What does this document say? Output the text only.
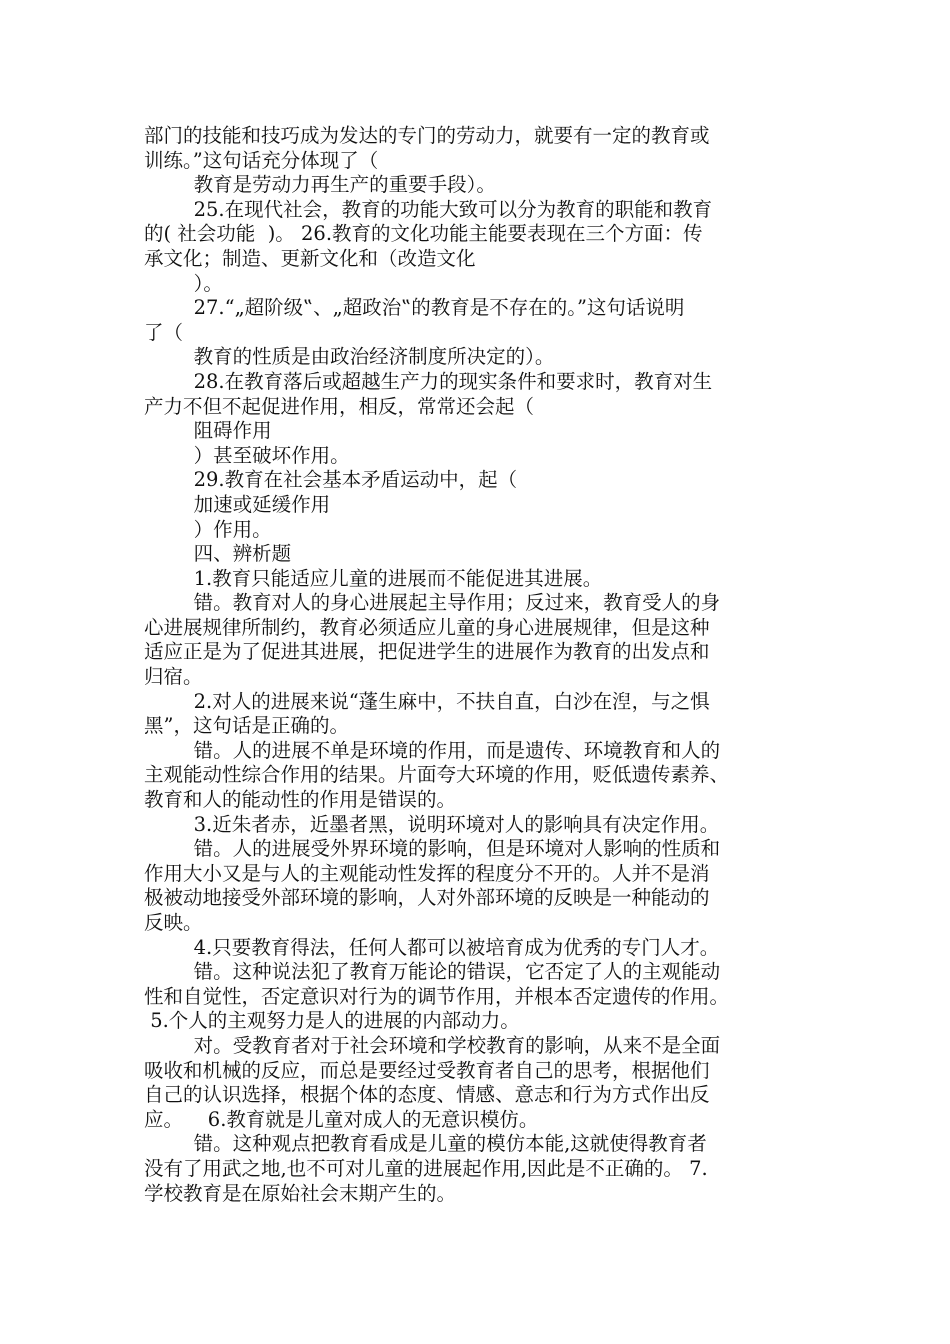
部门的技能和技巧成为发达的专门的劳动力，就要有一定的教育或
训练。”这句话充分体现了（
教育是劳动力再生产的重要手段）。
25.在现代社会，教育的功能大致可以分为教育的职能和教育
的( 社会功能  )。 26.教育的文化功能主能要表现在三个方面：传
承文化；制造、更新文化和（改造文化
）。
27.“„超阶级‟、„超政治‟的教育是不存在的。”这句话说明
了（
教育的性质是由政治经济制度所决定的）。
28.在教育落后或超越生产力的现实条件和要求时，教育对生
产力不但不起促进作用，相反，常常还会起（
阻碍作用
）甚至破坏作用。
29.教育在社会基本矛盾运动中，起（
加速或延缓作用
）作用。
四、辨析题
1.教育只能适应儿童的进展而不能促进其进展。
错。教育对人的身心进展起主导作用；反过来，教育受人的身
心进展规律所制约，教育必须适应儿童的身心进展规律，但是这种
适应正是为了促进其进展，把促进学生的进展作为教育的出发点和
归宿。
2.对人的进展来说“蓬生麻中，不扶自直，白沙在湼，与之惧
黑”，这句话是正确的。
错。人的进展不单是环境的作用，而是遗传、环境教育和人的
主观能动性综合作用的结果。片面夸大环境的作用，贬低遗传素养、
教育和人的能动性的作用是错误的。
3.近朱者赤，近墨者黑，说明环境对人的影响具有决定作用。
错。人的进展受外界环境的影响，但是环境对人影响的性质和
作用大小又是与人的主观能动性发挥的程度分不开的。人并不是消
极被动地接受外部环境的影响，人对外部环境的反映是一种能动的
反映。
4.只要教育得法，任何人都可以被培育成为优秀的专门人才。
错。这种说法犯了教育万能论的错误，它否定了人的主观能动
性和自觉性，否定意识对行为的调节作用，并根本否定遗传的作用。
5.个人的主观努力是人的进展的内部动力。
对。受教育者对于社会环境和学校教育的影响，从来不是全面
吸收和机械的反应，而总是要经过受教育者自己的思考，根据他们
自己的认识选择，根据个体的态度、情感、意志和行为方式作出反
应。    6.教育就是儿童对成人的无意识模仿。
错。这种观点把教育看成是儿童的模仿本能,这就使得教育者
没有了用武之地,也不可对儿童的进展起作用,因此是不正确的。 7.
学校教育是在原始社会末期产生的。
